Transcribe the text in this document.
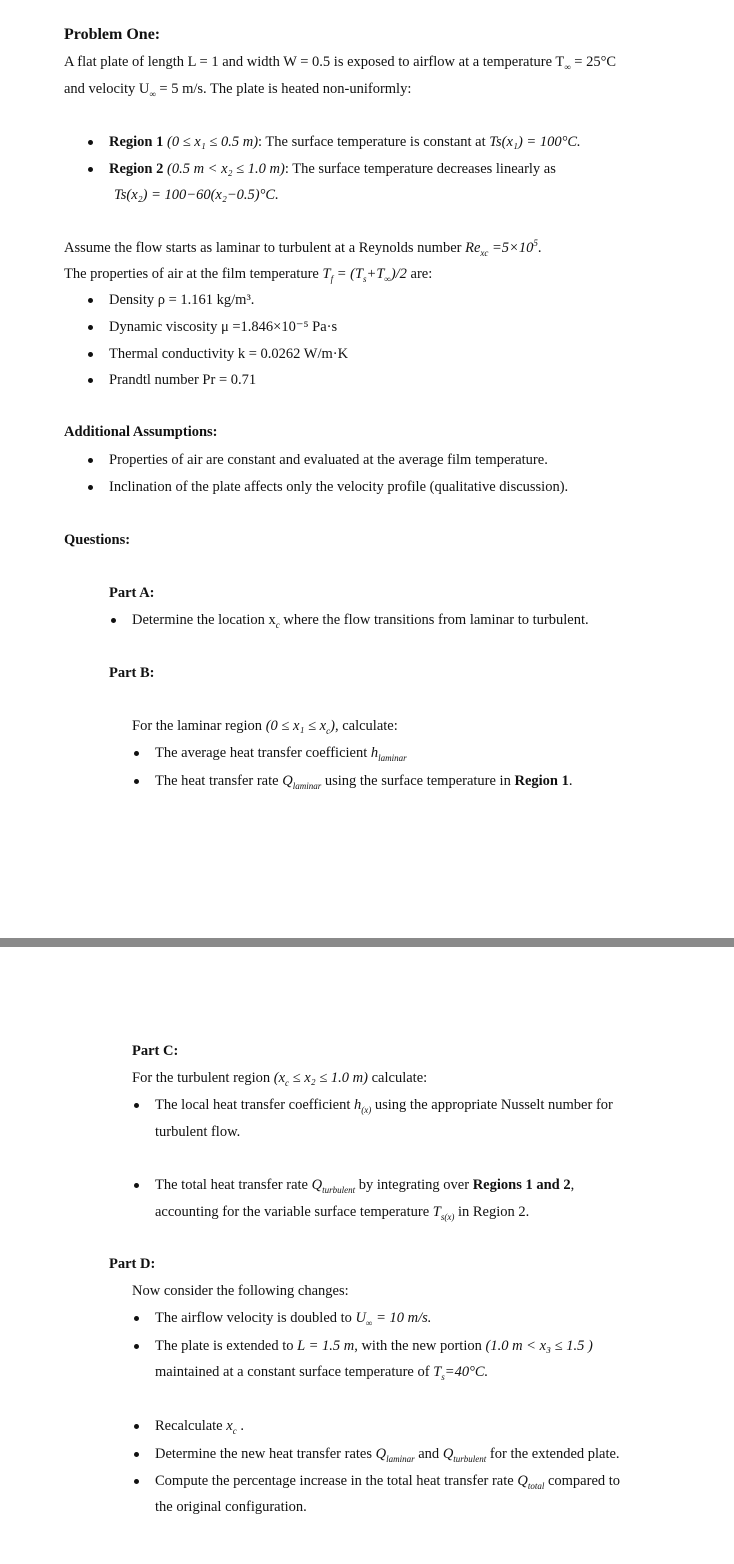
Problem One:
A flat plate of length L = 1 and width W = 0.5 is exposed to airflow at a temperature $T_\infty = 25^\circ C$
and velocity $U_\infty = 5$ m/s. The plate is heated non-uniformly:
Region 1 (0 ≤ x₁ ≤ 0.5 m): The surface temperature is constant at Ts(x₁) = 100°C.
Region 2 (0.5 m < x₂ ≤ 1.0 m): The surface temperature decreases linearly as
Ts(x₂) = 100−60(x₂−0.5)°C.
Assume the flow starts as laminar to turbulent at a Reynolds number $Re_{xc} =5\times 10^5$.
The properties of air at the film temperature $T_f = (T_s+T_\infty)/2$ are:
Density ρ = 1.161 kg/m³.
Dynamic viscosity μ =1.846×10⁻⁵ Pa·s
Thermal conductivity k = 0.0262 W/m·K
Prandtl number Pr = 0.71
Additional Assumptions:
Properties of air are constant and evaluated at the average film temperature.
Inclination of the plate affects only the velocity profile (qualitative discussion).
Questions:
Part A:
Determine the location $x_c$ where the flow transitions from laminar to turbulent.
Part B:
For the laminar region $(0 \le x_1 \le x_c)$, calculate:
The average heat transfer coefficient $h_{laminar}$
The heat transfer rate $Q_{laminar}$ using the surface temperature in Region 1.
Part C:
For the turbulent region ($x_c \le x_2 \le 1.0$ m) calculate:
The local heat transfer coefficient $h_{(x)}$ using the appropriate Nusselt number for
turbulent flow.
The total heat transfer rate $Q_{turbulent}$ by integrating over Regions 1 and 2,
accounting for the variable surface temperature $T_{s(x)}$ in Region 2.
Part D:
Now consider the following changes:
The airflow velocity is doubled to $U_\infty = 10$ m/s.
The plate is extended to L = 1.5 m, with the new portion (1.0 m < x₃ ≤ 1.5 )
maintained at a constant surface temperature of $T_s=40^\circ C$.
Recalculate $x_c$ .
Determine the new heat transfer rates $Q_{laminar}$ and $Q_{turbulent}$ for the extended plate.
Compute the percentage increase in the total heat transfer rate $Q_{total}$ compared to
the original configuration.
